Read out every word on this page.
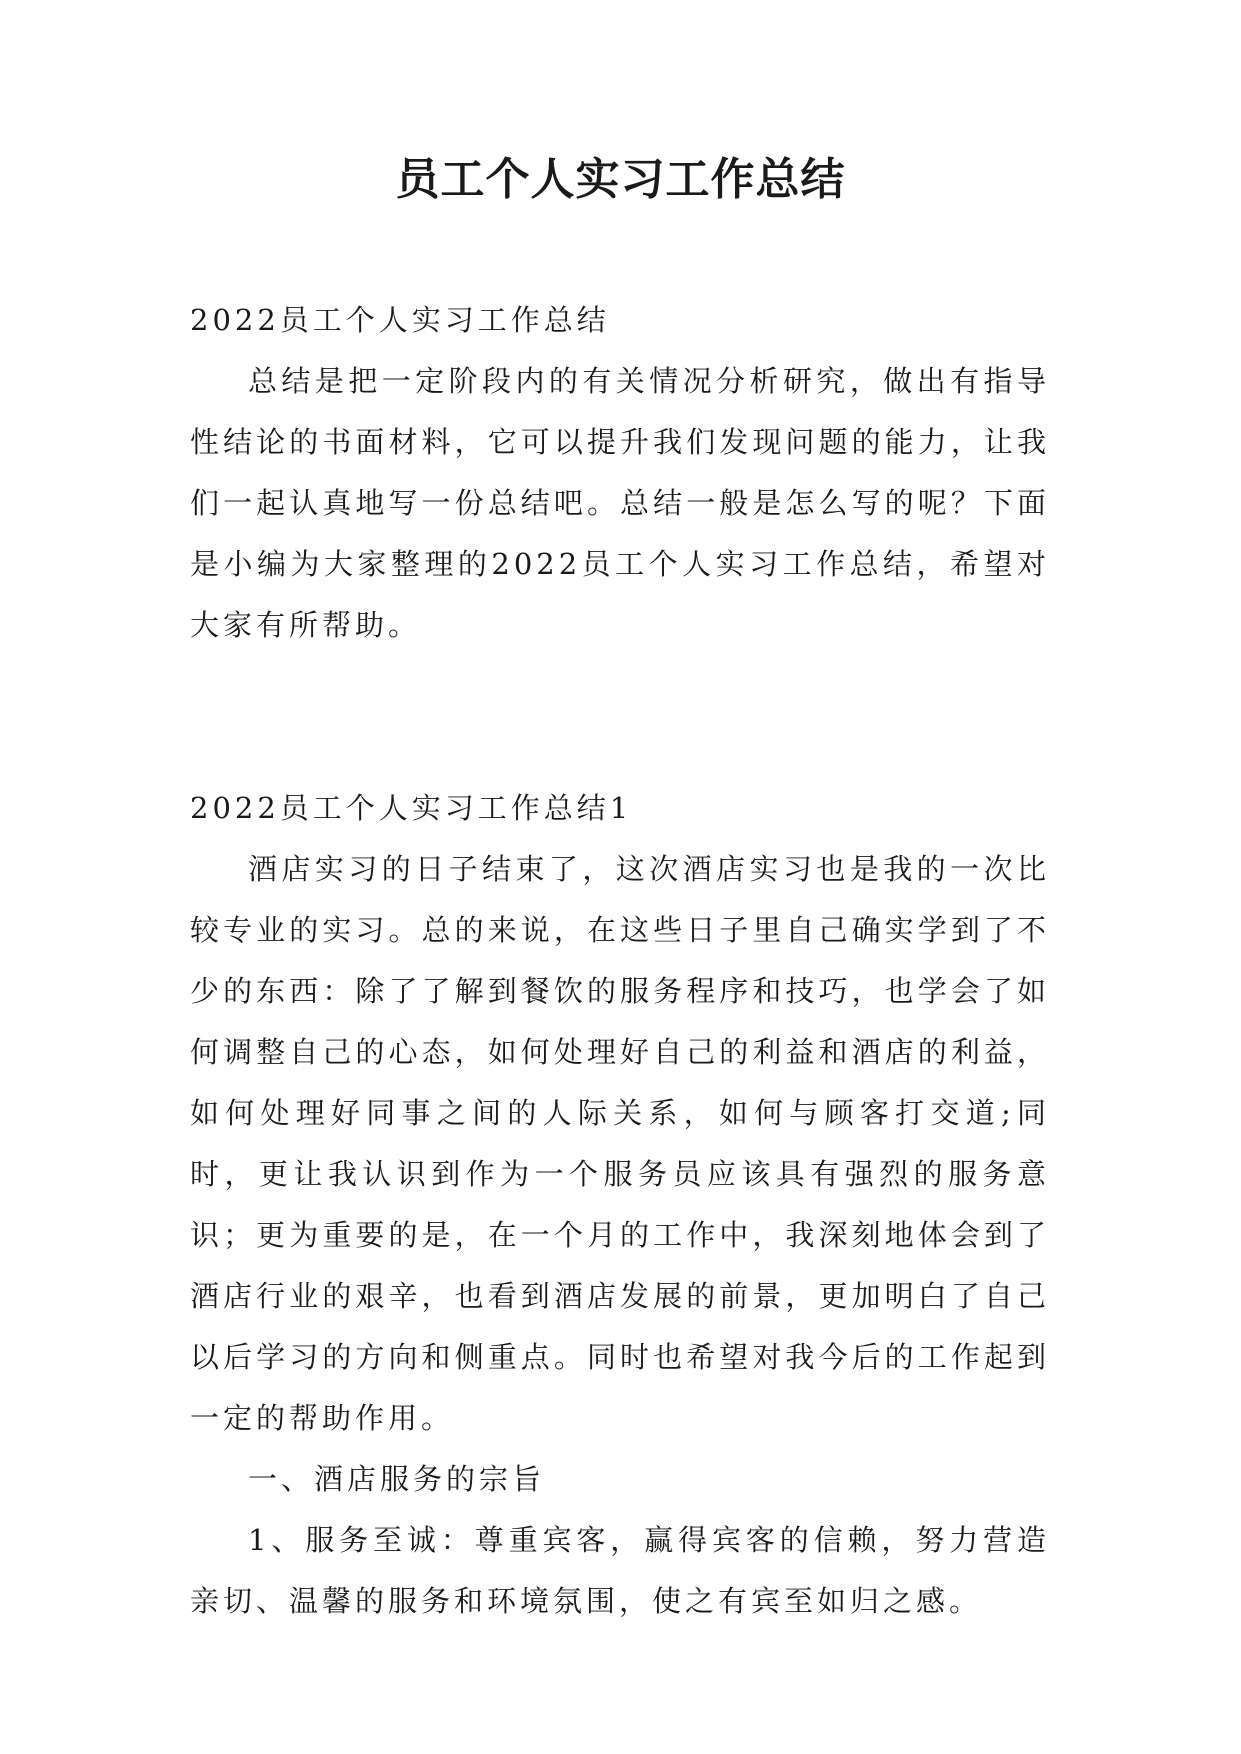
员工个人实习工作总结

2022员工个人实习工作总结

总结是把一定阶段内的有关情况分析研究，做出有指导性结论的书面材料，它可以提升我们发现问题的能力，让我们一起认真地写一份总结吧。总结一般是怎么写的呢？下面是小编为大家整理的2022员工个人实习工作总结，希望对大家有所帮助。

2022员工个人实习工作总结1

酒店实习的日子结束了，这次酒店实习也是我的一次比较专业的实习。总的来说，在这些日子里自己确实学到了不少的东西：除了了解到餐饮的服务程序和技巧，也学会了如何调整自己的心态，如何处理好自己的利益和酒店的利益，如何处理好同事之间的人际关系，如何与顾客打交道;同时，更让我认识到作为一个服务员应该具有强烈的服务意识；更为重要的是，在一个月的工作中，我深刻地体会到了酒店行业的艰辛，也看到酒店发展的前景，更加明白了自己以后学习的方向和侧重点。同时也希望对我今后的工作起到一定的帮助作用。

一、酒店服务的宗旨

1、服务至诚：尊重宾客，赢得宾客的信赖，努力营造亲切、温馨的服务和环境氛围，使之有宾至如归之感。
